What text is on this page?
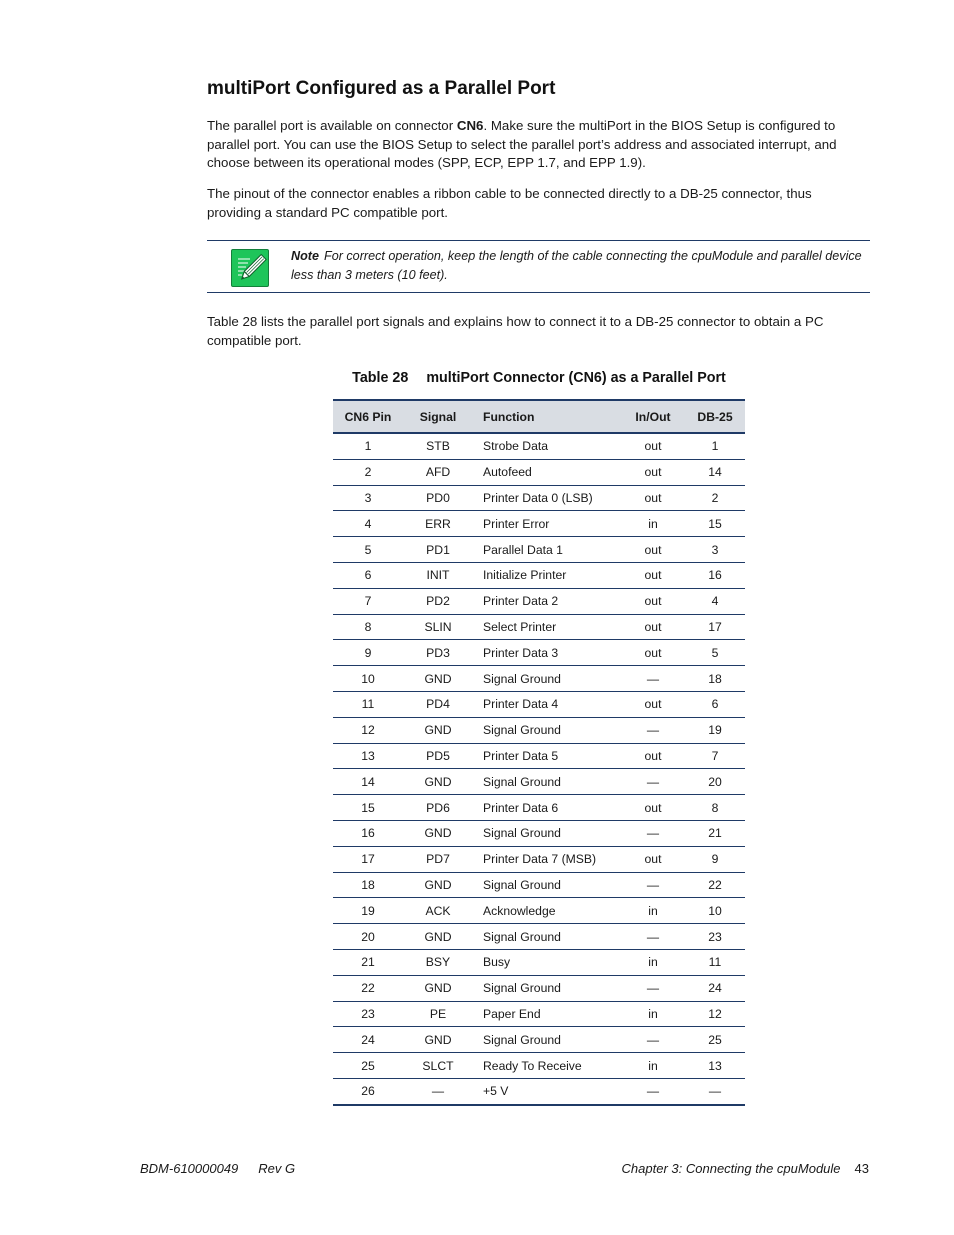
multiPort Configured as a Parallel Port

The parallel port is available on connector CN6. Make sure the multiPort in the BIOS Setup is configured to parallel port. You can use the BIOS Setup to select the parallel port’s address and associated interrupt, and choose between its operational modes (SPP, ECP, EPP 1.7, and EPP 1.9).

The pinout of the connector enables a ribbon cable to be connected directly to a DB-25 connector, thus providing a standard PC compatible port.

Note For correct operation, keep the length of the cable connecting the cpuModule and parallel device less than 3 meters (10 feet).

Table 28 lists the parallel port signals and explains how to connect it to a DB-25 connector to obtain a PC compatible port.

Table 28 multiPort Connector (CN6) as a Parallel Port
CN6 Pin	Signal	Function	In/Out	DB-25
1	STB	Strobe Data	out	1
2	AFD	Autofeed	out	14
3	PD0	Printer Data 0 (LSB)	out	2
4	ERR	Printer Error	in	15
5	PD1	Parallel Data 1	out	3
6	INIT	Initialize Printer	out	16
7	PD2	Printer Data 2	out	4
8	SLIN	Select Printer	out	17
9	PD3	Printer Data 3	out	5
10	GND	Signal Ground	—	18
11	PD4	Printer Data 4	out	6
12	GND	Signal Ground	—	19
13	PD5	Printer Data 5	out	7
14	GND	Signal Ground	—	20
15	PD6	Printer Data 6	out	8
16	GND	Signal Ground	—	21
17	PD7	Printer Data 7 (MSB)	out	9
18	GND	Signal Ground	—	22
19	ACK	Acknowledge	in	10
20	GND	Signal Ground	—	23
21	BSY	Busy	in	11
22	GND	Signal Ground	—	24
23	PE	Paper End	in	12
24	GND	Signal Ground	—	25
25	SLCT	Ready To Receive	in	13
26	—	+5 V	—	—

BDM-610000049 Rev G	Chapter 3: Connecting the cpuModule 43
